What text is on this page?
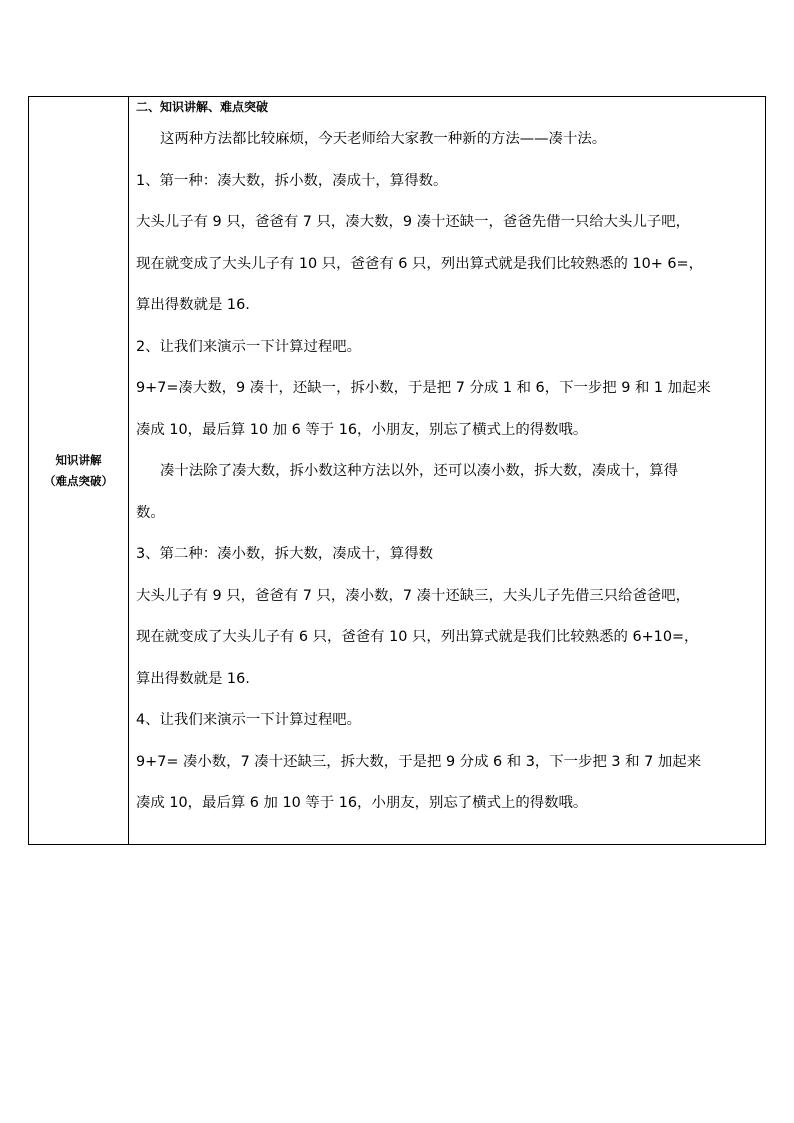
知识讲解
（难点突破）

二、知识讲解、难点突破

这两种方法都比较麻烦，今天老师给大家教一种新的方法——凑十法。

1、第一种：凑大数，拆小数，凑成十，算得数。

大头儿子有 9 只，爸爸有 7 只，凑大数，9 凑十还缺一，爸爸先借一只给大头儿子吧，

现在就变成了大头儿子有 10 只，爸爸有 6 只，列出算式就是我们比较熟悉的 10+ 6=，

算出得数就是 16.

2、让我们来演示一下计算过程吧。

9+7=凑大数，9 凑十，还缺一，拆小数，于是把 7 分成 1 和 6，下一步把 9 和 1 加起来

凑成 10，最后算 10 加 6 等于 16，小朋友，别忘了横式上的得数哦。

凑十法除了凑大数，拆小数这种方法以外，还可以凑小数，拆大数，凑成十，算得

数。

3、第二种：凑小数，拆大数，凑成十，算得数

大头儿子有 9 只，爸爸有 7 只，凑小数，7 凑十还缺三，大头儿子先借三只给爸爸吧，

现在就变成了大头儿子有 6 只，爸爸有 10 只，列出算式就是我们比较熟悉的 6+10=，

算出得数就是 16.

4、让我们来演示一下计算过程吧。

9+7= 凑小数，7 凑十还缺三，拆大数，于是把 9 分成 6 和 3，下一步把 3 和 7 加起来

凑成 10，最后算 6 加 10 等于 16，小朋友，别忘了横式上的得数哦。
